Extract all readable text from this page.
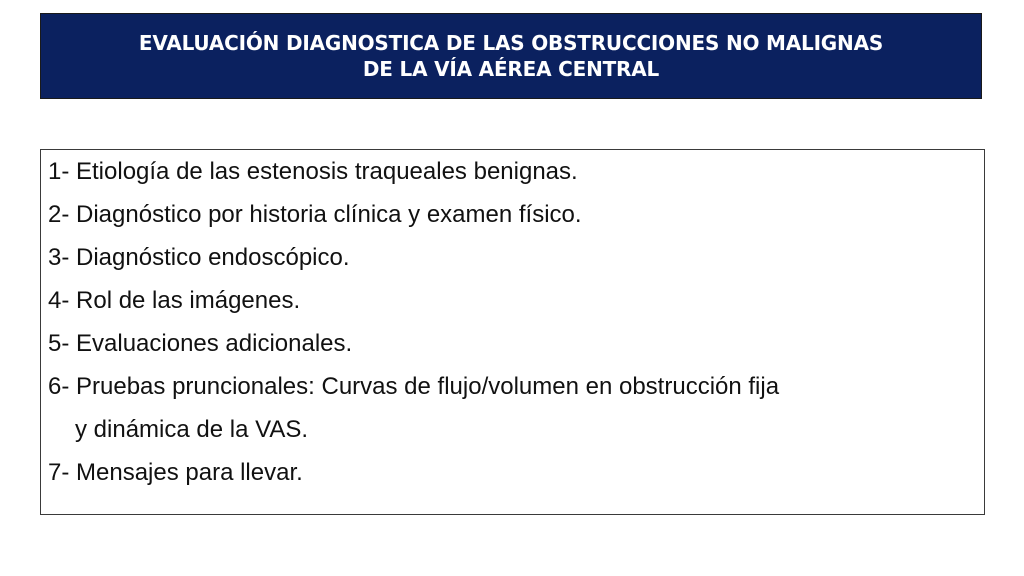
EVALUACIÓN DIAGNOSTICA DE LAS OBSTRUCCIONES NO MALIGNAS
DE LA VÍA AÉREA CENTRAL
1- Etiología de las estenosis traqueales benignas.
2- Diagnóstico por historia clínica y examen físico.
3- Diagnóstico endoscópico.
4- Rol de las imágenes.
5- Evaluaciones adicionales.
6- Pruebas pruncionales: Curvas de flujo/volumen en obstrucción fija
y dinámica de la VAS.
7- Mensajes para llevar.
